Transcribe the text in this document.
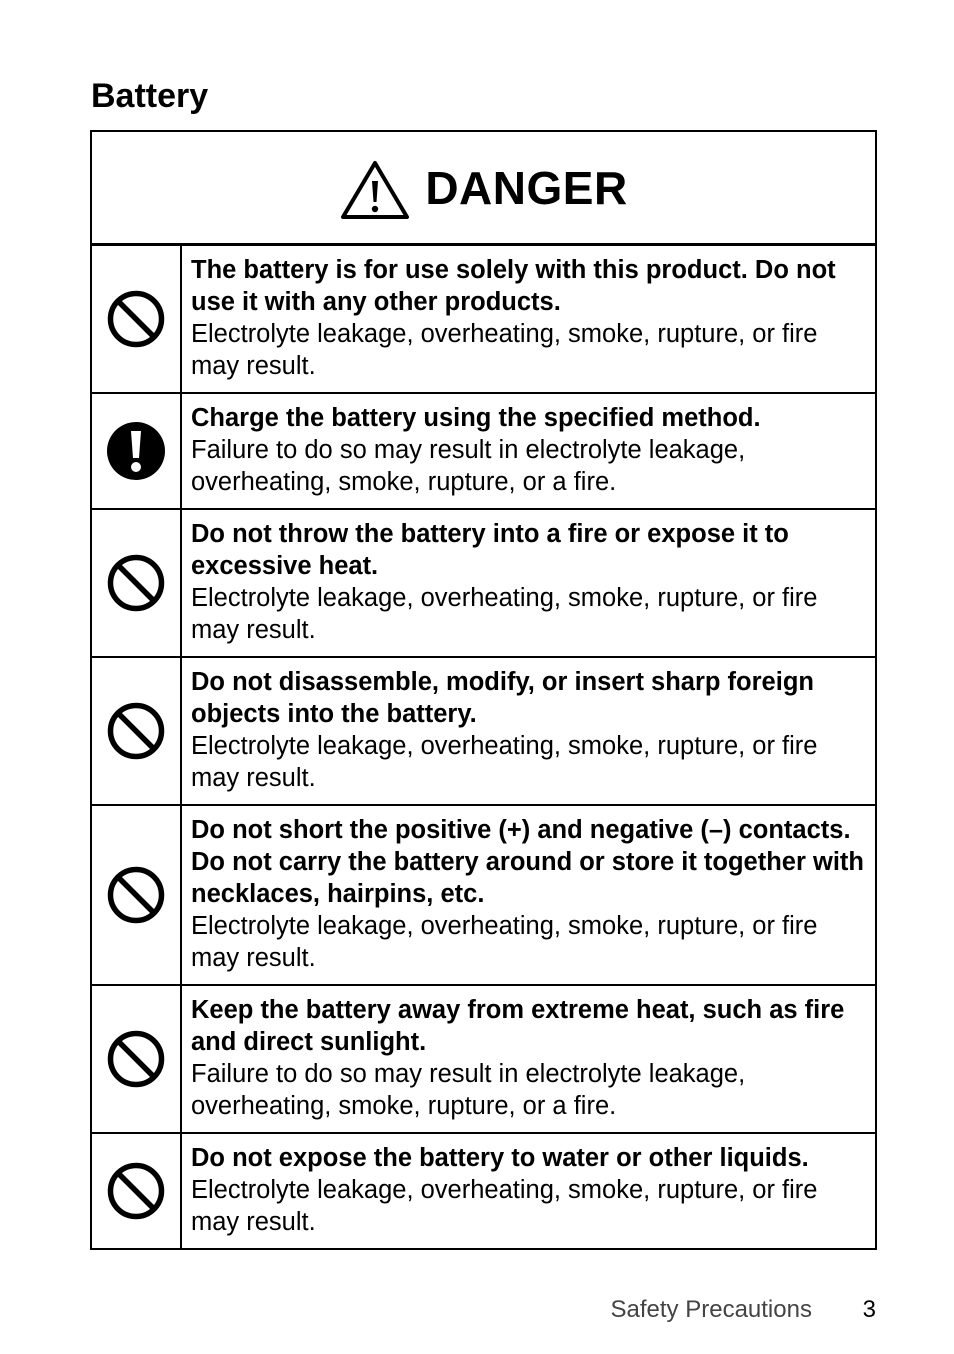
Battery
DANGER
The battery is for use solely with this product. Do not use it with any other products.
Electrolyte leakage, overheating, smoke, rupture, or fire may result.
Charge the battery using the specified method.
Failure to do so may result in electrolyte leakage, overheating, smoke, rupture, or a fire.
Do not throw the battery into a fire or expose it to excessive heat.
Electrolyte leakage, overheating, smoke, rupture, or fire may result.
Do not disassemble, modify, or insert sharp foreign objects into the battery.
Electrolyte leakage, overheating, smoke, rupture, or fire may result.
Do not short the positive (+) and negative (–) contacts. Do not carry the battery around or store it together with necklaces, hairpins, etc.
Electrolyte leakage, overheating, smoke, rupture, or fire may result.
Keep the battery away from extreme heat, such as fire and direct sunlight.
Failure to do so may result in electrolyte leakage, overheating, smoke, rupture, or a fire.
Do not expose the battery to water or other liquids.
Electrolyte leakage, overheating, smoke, rupture, or fire may result.
Safety Precautions 3
